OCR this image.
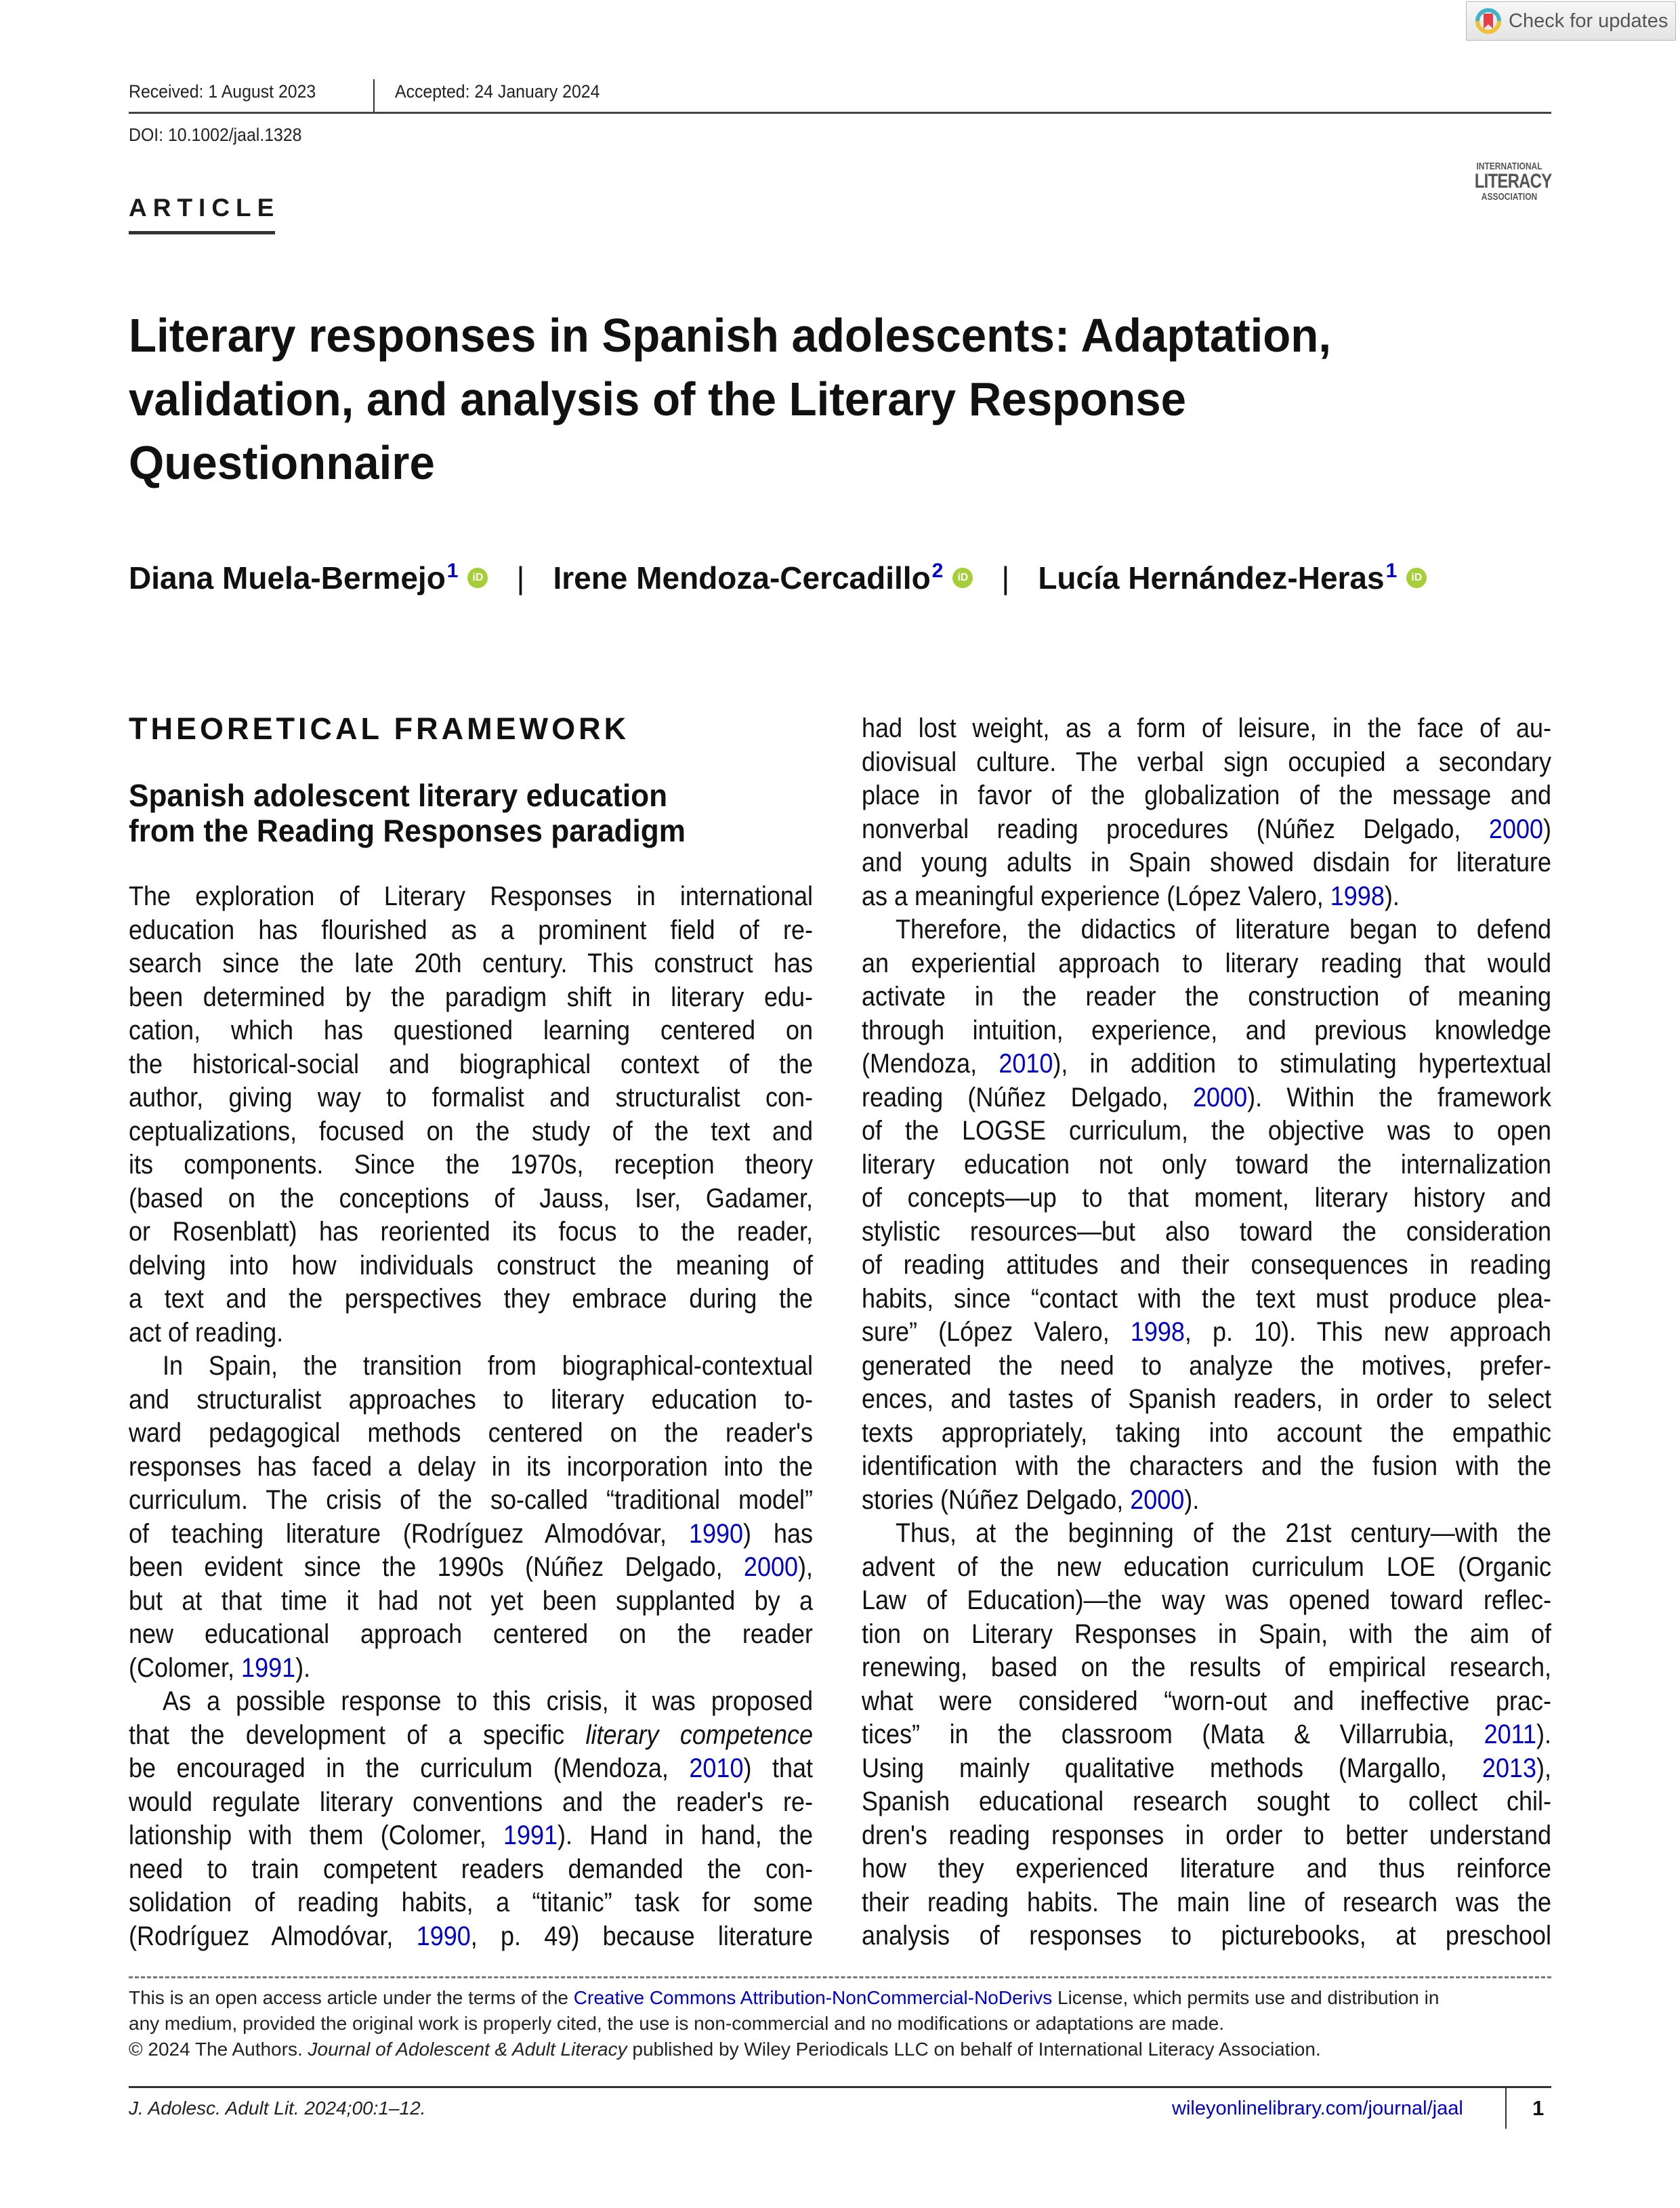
Check for updates
Received: 1 August 2023	Accepted: 24 January 2024
DOI: 10.1002/jaal.1328
ARTICLE
INTERNATIONAL
LITERACY
ASSOCIATION
Literary responses in Spanish adolescents: Adaptation,
validation, and analysis of the Literary Response
Questionnaire
Diana Muela-Bermejo$^1$	iD | Irene Mendoza-Cercadillo$^2$	iD | Lucía Hernández-Heras$^1$	iD
THEORETICAL FRAMEWORK
Spanish adolescent literary education
from the Reading Responses paradigm
The exploration of Literary Responses in international
education has flourished as a prominent field of re-
search since the late 20th century. This construct has
been determined by the paradigm shift in literary edu-
cation, which has questioned learning centered on
the historical-social and biographical context of the
author, giving way to formalist and structuralist con-
ceptualizations, focused on the study of the text and
its components. Since the 1970s, reception theory
(based on the conceptions of Jauss, Iser, Gadamer,
or Rosenblatt) has reoriented its focus to the reader,
delving into how individuals construct the meaning of
a text and the perspectives they embrace during the
act of reading.
In Spain, the transition from biographical-contextual
and structuralist approaches to literary education to-
ward pedagogical methods centered on the reader's
responses has faced a delay in its incorporation into the
curriculum. The crisis of the so-called “traditional model”
of teaching literature (Rodríguez Almodóvar, 1990) has
been evident since the 1990s (Núñez Delgado, 2000),
but at that time it had not yet been supplanted by a
new educational approach centered on the reader
(Colomer, 1991).
As a possible response to this crisis, it was proposed
that the development of a specific literary competence
be encouraged in the curriculum (Mendoza, 2010) that
would regulate literary conventions and the reader's re-
lationship with them (Colomer, 1991). Hand in hand, the
need to train competent readers demanded the con-
solidation of reading habits, a “titanic” task for some
(Rodríguez Almodóvar, 1990, p. 49) because literature
had lost weight, as a form of leisure, in the face of au-
diovisual culture. The verbal sign occupied a secondary
place in favor of the globalization of the message and
nonverbal reading procedures (Núñez Delgado, 2000)
and young adults in Spain showed disdain for literature
as a meaningful experience (López Valero, 1998).
Therefore, the didactics of literature began to defend
an experiential approach to literary reading that would
activate in the reader the construction of meaning
through intuition, experience, and previous knowledge
(Mendoza, 2010), in addition to stimulating hypertextual
reading (Núñez Delgado, 2000). Within the framework
of the LOGSE curriculum, the objective was to open
literary education not only toward the internalization
of concepts—up to that moment, literary history and
stylistic resources—but also toward the consideration
of reading attitudes and their consequences in reading
habits, since “contact with the text must produce plea-
sure” (López Valero, 1998, p. 10). This new approach
generated the need to analyze the motives, prefer-
ences, and tastes of Spanish readers, in order to select
texts appropriately, taking into account the empathic
identification with the characters and the fusion with the
stories (Núñez Delgado, 2000).
Thus, at the beginning of the 21st century—with the
advent of the new education curriculum LOE (Organic
Law of Education)—the way was opened toward reflec-
tion on Literary Responses in Spain, with the aim of
renewing, based on the results of empirical research,
what were considered “worn-out and ineffective prac-
tices” in the classroom (Mata & Villarrubia, 2011).
Using mainly qualitative methods (Margallo, 2013),
Spanish educational research sought to collect chil-
dren's reading responses in order to better understand
how they experienced literature and thus reinforce
their reading habits. The main line of research was the
analysis of responses to picturebooks, at preschool
This is an open access article under the terms of the Creative Commons Attribution-NonCommercial-NoDerivs License, which permits use and distribution in
any medium, provided the original work is properly cited, the use is non-commercial and no modifications or adaptations are made.
© 2024 The Authors. Journal of Adolescent & Adult Literacy published by Wiley Periodicals LLC on behalf of International Literacy Association.
J. Adolesc. Adult Lit. 2024;00:1–12.	wileyonlinelibrary.com/journal/jaal	1
